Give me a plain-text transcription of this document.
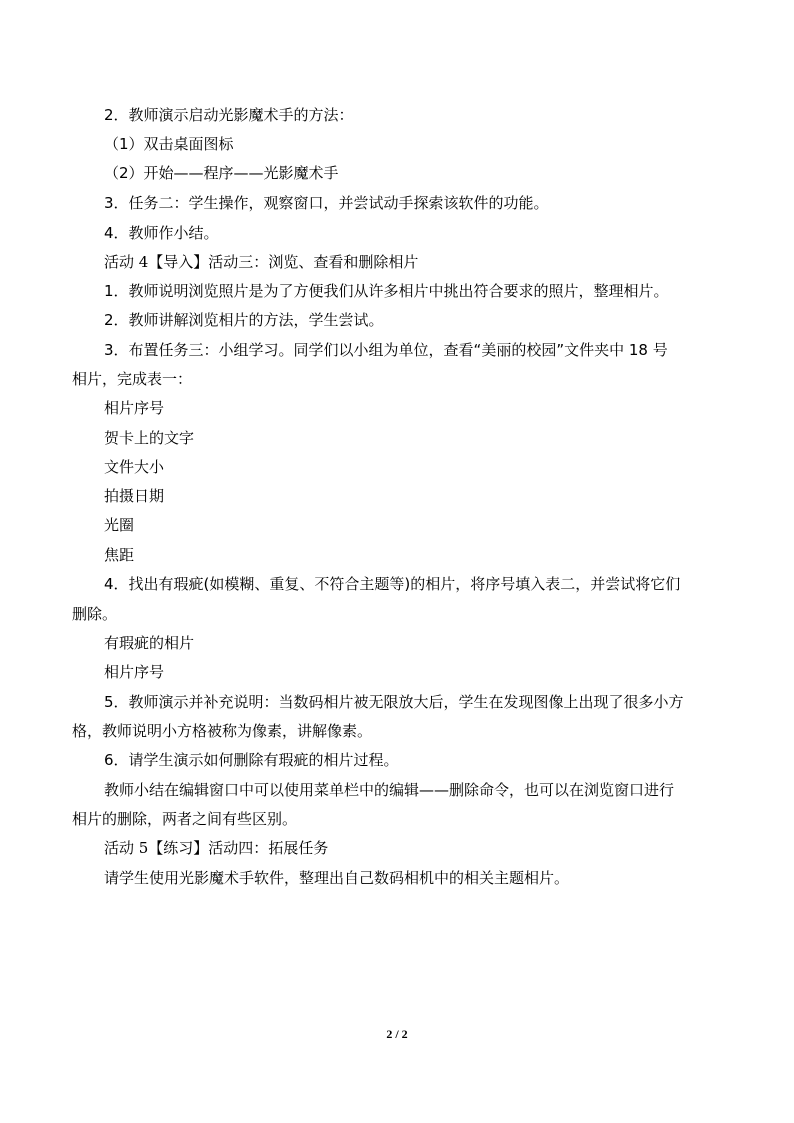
2．教师演示启动光影魔术手的方法：
（1）双击桌面图标
（2）开始——程序——光影魔术手
3．任务二：学生操作，观察窗口，并尝试动手探索该软件的功能。
4．教师作小结。
活动 4【导入】活动三：浏览、查看和删除相片
1．教师说明浏览照片是为了方便我们从许多相片中挑出符合要求的照片，整理相片。
2．教师讲解浏览相片的方法，学生尝试。
3．布置任务三：小组学习。同学们以小组为单位，查看“美丽的校园”文件夹中 18 号
相片，完成表一：
相片序号
贺卡上的文字
文件大小
拍摄日期
光圈
焦距
4．找出有瑕疵(如模糊、重复、不符合主题等)的相片，将序号填入表二，并尝试将它们
删除。
有瑕疵的相片
相片序号
5．教师演示并补充说明：当数码相片被无限放大后，学生在发现图像上出现了很多小方
格，教师说明小方格被称为像素，讲解像素。
6．请学生演示如何删除有瑕疵的相片过程。
教师小结在编辑窗口中可以使用菜单栏中的编辑——删除命令，也可以在浏览窗口进行
相片的删除，两者之间有些区别。
活动 5【练习】活动四：拓展任务
请学生使用光影魔术手软件，整理出自己数码相机中的相关主题相片。
2 / 2
